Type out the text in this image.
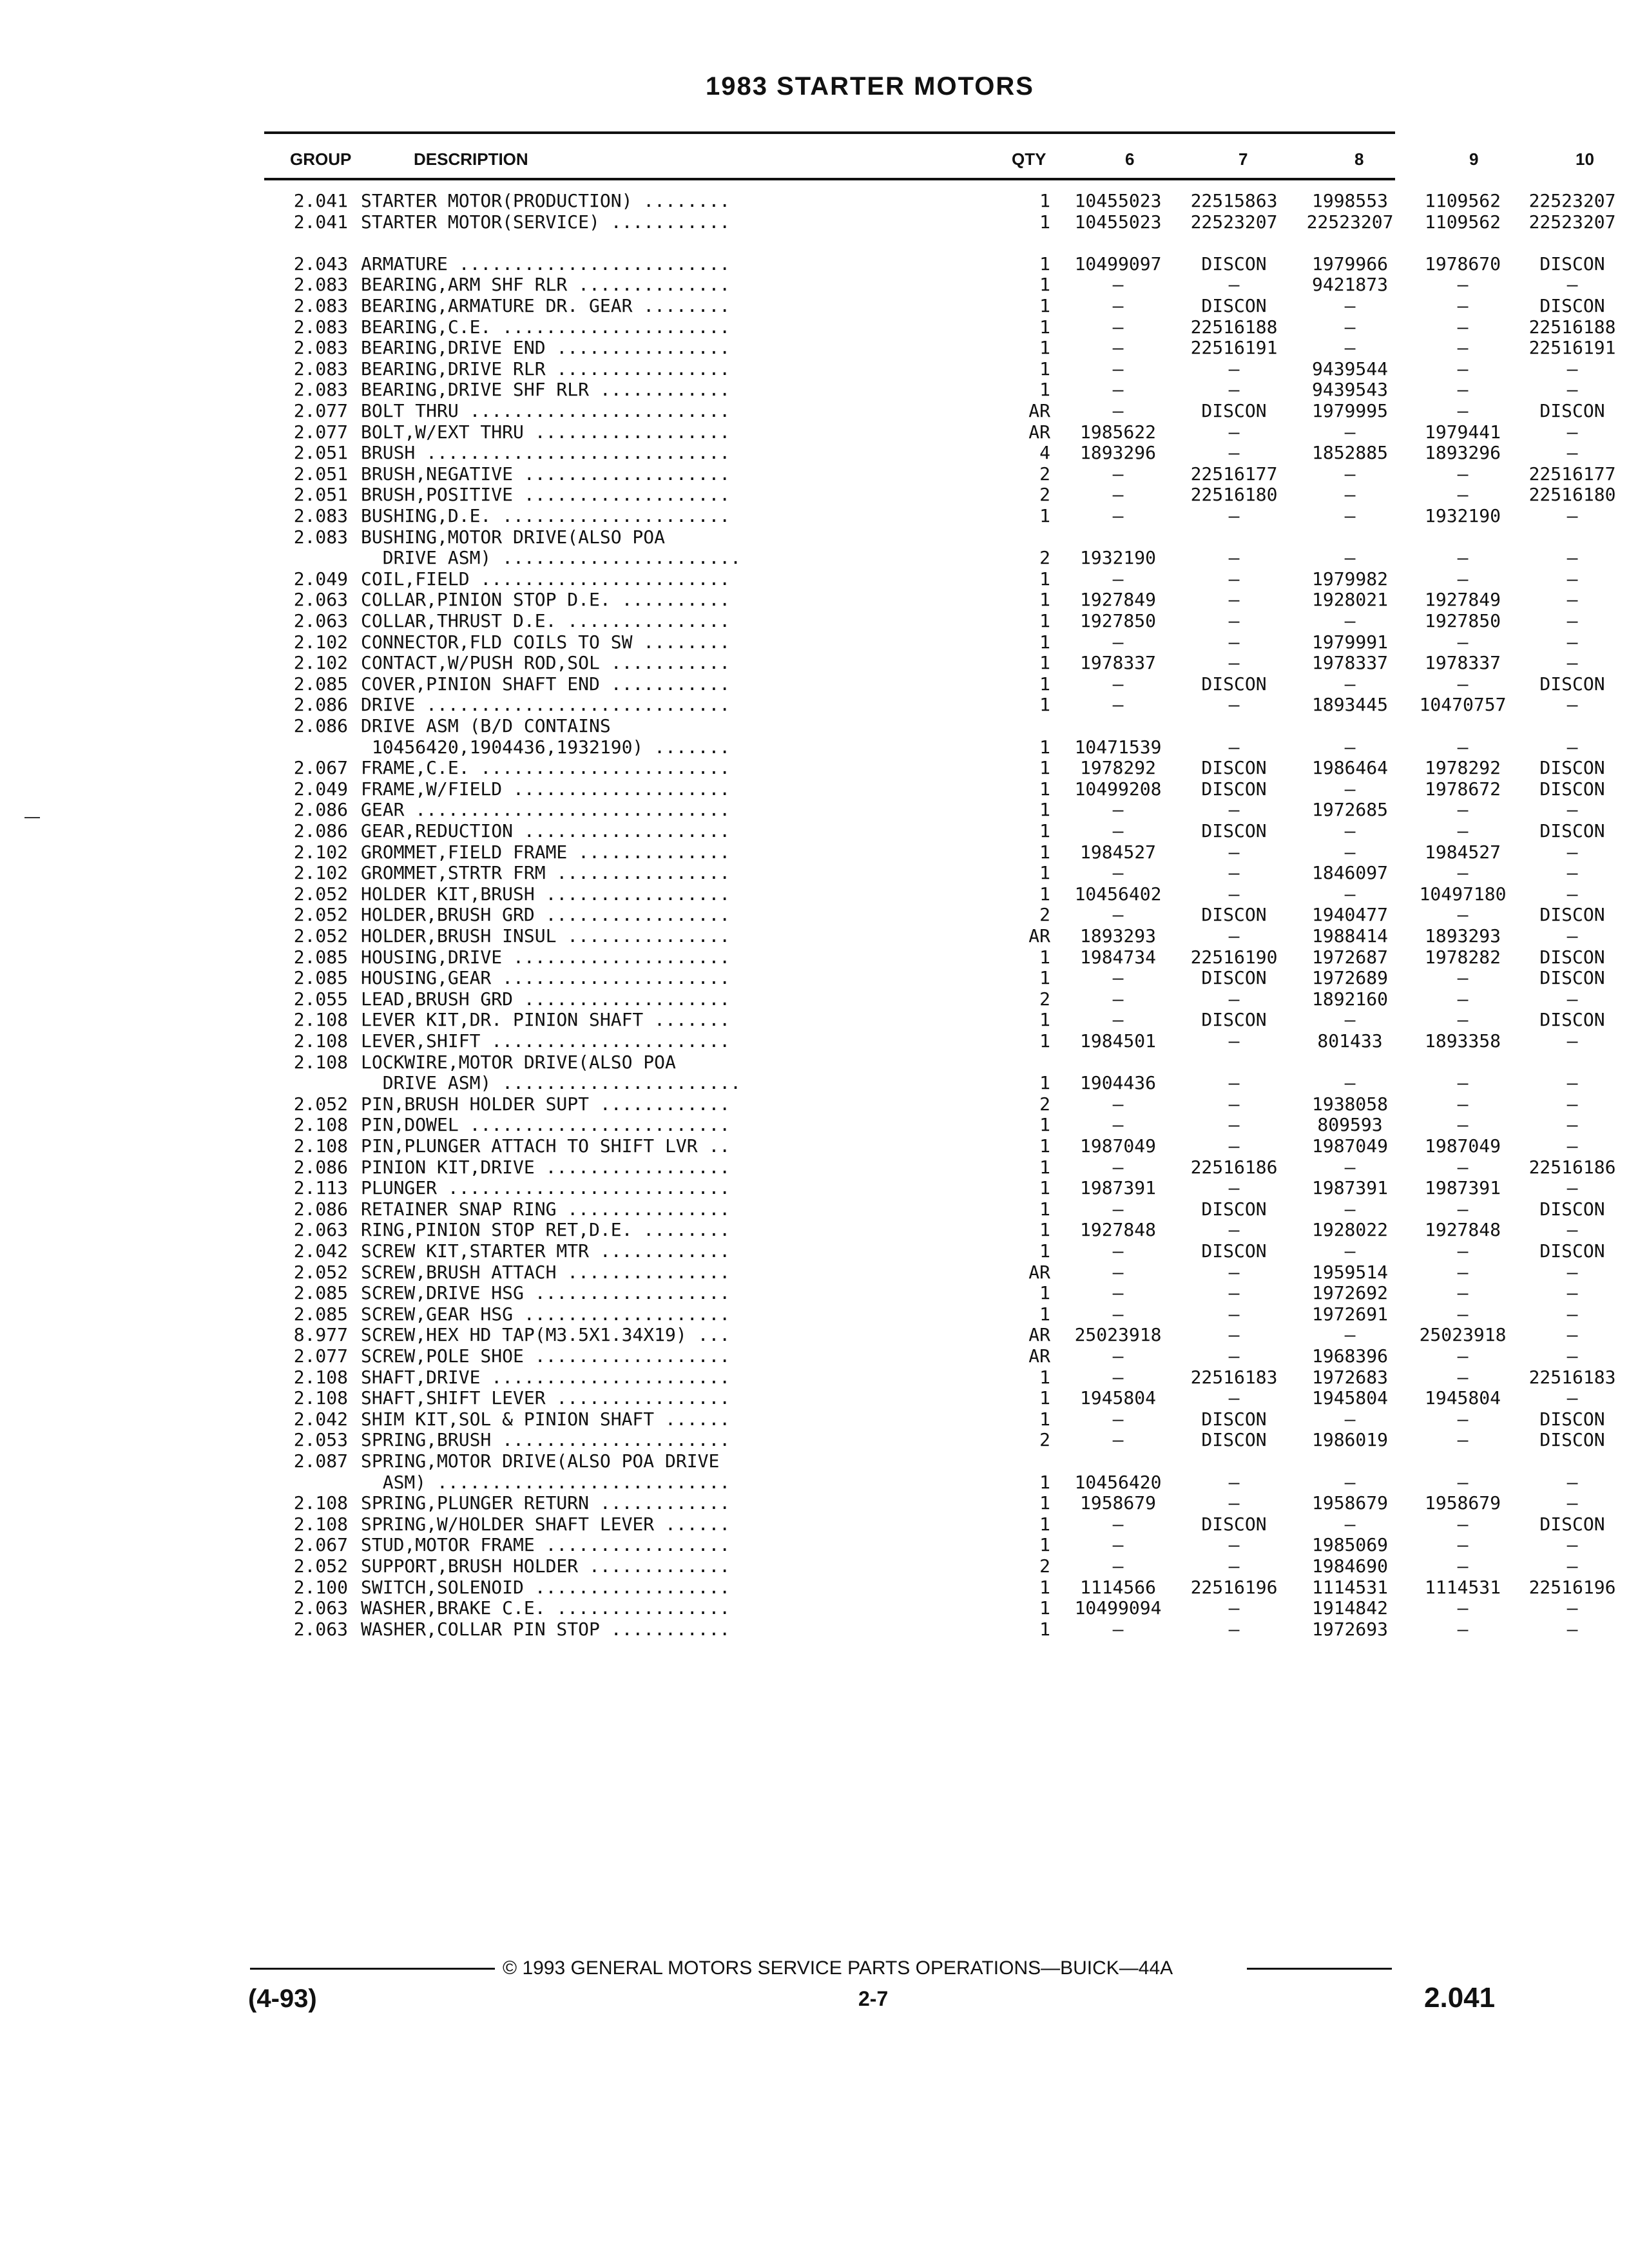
1983 STARTER MOTORS
GROUP	DESCRIPTION	QTY	6	7	8	9	10
2.041 STARTER MOTOR(PRODUCTION) ........	1	10455023	22515863	1998553	1109562	22523207
2.041 STARTER MOTOR(SERVICE) ...........	1	10455023	22523207	22523207	1109562	22523207
2.043 ARMATURE .........................	1	10499097	DISCON	1979966	1978670	DISCON
2.083 BEARING,ARM SHF RLR ..............	1	—	—	9421873	—	—
2.083 BEARING,ARMATURE DR. GEAR ........	1	—	DISCON	—	—	DISCON
2.083 BEARING,C.E. .....................	1	—	22516188	—	—	22516188
2.083 BEARING,DRIVE END ................	1	—	22516191	—	—	22516191
2.083 BEARING,DRIVE RLR ................	1	—	—	9439544	—	—
2.083 BEARING,DRIVE SHF RLR ............	1	—	—	9439543	—	—
2.077 BOLT THRU ........................	AR	—	DISCON	1979995	—	DISCON
2.077 BOLT,W/EXT THRU ..................	AR	1985622	—	—	1979441	—
2.051 BRUSH ............................	4	1893296	—	1852885	1893296	—
2.051 BRUSH,NEGATIVE ...................	2	—	22516177	—	—	22516177
2.051 BRUSH,POSITIVE ...................	2	—	22516180	—	—	22516180
2.083 BUSHING,D.E. .....................	1	—	—	—	1932190	—
2.083 BUSHING,MOTOR DRIVE(ALSO POA
DRIVE ASM) ......................	2	1932190	—	—	—	—
2.049 COIL,FIELD .......................	1	—	—	1979982	—	—
2.063 COLLAR,PINION STOP D.E. ..........	1	1927849	—	1928021	1927849	—
2.063 COLLAR,THRUST D.E. ...............	1	1927850	—	—	1927850	—
2.102 CONNECTOR,FLD COILS TO SW ........	1	—	—	1979991	—	—
2.102 CONTACT,W/PUSH ROD,SOL ...........	1	1978337	—	1978337	1978337	—
2.085 COVER,PINION SHAFT END ...........	1	—	DISCON	—	—	DISCON
2.086 DRIVE ............................	1	—	—	1893445	10470757	—
2.086 DRIVE ASM (B/D CONTAINS
10456420,1904436,1932190) .......	1	10471539	—	—	—	—
2.067 FRAME,C.E. .......................	1	1978292	DISCON	1986464	1978292	DISCON
2.049 FRAME,W/FIELD ....................	1	10499208	DISCON	—	1978672	DISCON
2.086 GEAR .............................	1	—	—	1972685	—	—
2.086 GEAR,REDUCTION ...................	1	—	DISCON	—	—	DISCON
2.102 GROMMET,FIELD FRAME ..............	1	1984527	—	—	1984527	—
2.102 GROMMET,STRTR FRM ................	1	—	—	1846097	—	—
2.052 HOLDER KIT,BRUSH .................	1	10456402	—	—	10497180	—
2.052 HOLDER,BRUSH GRD .................	2	—	DISCON	1940477	—	DISCON
2.052 HOLDER,BRUSH INSUL ...............	AR	1893293	—	1988414	1893293	—
2.085 HOUSING,DRIVE ....................	1	1984734	22516190	1972687	1978282	DISCON
2.085 HOUSING,GEAR .....................	1	—	DISCON	1972689	—	DISCON
2.055 LEAD,BRUSH GRD ...................	2	—	—	1892160	—	—
2.108 LEVER KIT,DR. PINION SHAFT .......	1	—	DISCON	—	—	DISCON
2.108 LEVER,SHIFT ......................	1	1984501	—	801433	1893358	—
2.108 LOCKWIRE,MOTOR DRIVE(ALSO POA
DRIVE ASM) ......................	1	1904436	—	—	—	—
2.052 PIN,BRUSH HOLDER SUPT ............	2	—	—	1938058	—	—
2.108 PIN,DOWEL ........................	1	—	—	809593	—	—
2.108 PIN,PLUNGER ATTACH TO SHIFT LVR ..	1	1987049	—	1987049	1987049	—
2.086 PINION KIT,DRIVE .................	1	—	22516186	—	—	22516186
2.113 PLUNGER ..........................	1	1987391	—	1987391	1987391	—
2.086 RETAINER SNAP RING ...............	1	—	DISCON	—	—	DISCON
2.063 RING,PINION STOP RET,D.E. ........	1	1927848	—	1928022	1927848	—
2.042 SCREW KIT,STARTER MTR ............	1	—	DISCON	—	—	DISCON
2.052 SCREW,BRUSH ATTACH ...............	AR	—	—	1959514	—	—
2.085 SCREW,DRIVE HSG ..................	1	—	—	1972692	—	—
2.085 SCREW,GEAR HSG ...................	1	—	—	1972691	—	—
8.977 SCREW,HEX HD TAP(M3.5X1.34X19) ...	AR	25023918	—	—	25023918	—
2.077 SCREW,POLE SHOE ..................	AR	—	—	1968396	—	—
2.108 SHAFT,DRIVE ......................	1	—	22516183	1972683	—	22516183
2.108 SHAFT,SHIFT LEVER ................	1	1945804	—	1945804	1945804	—
2.042 SHIM KIT,SOL & PINION SHAFT ......	1	—	DISCON	—	—	DISCON
2.053 SPRING,BRUSH .....................	2	—	DISCON	1986019	—	DISCON
2.087 SPRING,MOTOR DRIVE(ALSO POA DRIVE
ASM) ...........................	1	10456420	—	—	—	—
2.108 SPRING,PLUNGER RETURN ............	1	1958679	—	1958679	1958679	—
2.108 SPRING,W/HOLDER SHAFT LEVER ......	1	—	DISCON	—	—	DISCON
2.067 STUD,MOTOR FRAME .................	1	—	—	1985069	—	—
2.052 SUPPORT,BRUSH HOLDER .............	2	—	—	1984690	—	—
2.100 SWITCH,SOLENOID ..................	1	1114566	22516196	1114531	1114531	22516196
2.063 WASHER,BRAKE C.E. ................	1	10499094	—	1914842	—	—
2.063 WASHER,COLLAR PIN STOP ...........	1	—	—	1972693	—	—
© 1993 GENERAL MOTORS SERVICE PARTS OPERATIONS—BUICK—44A
(4-93)	2-7	2.041
